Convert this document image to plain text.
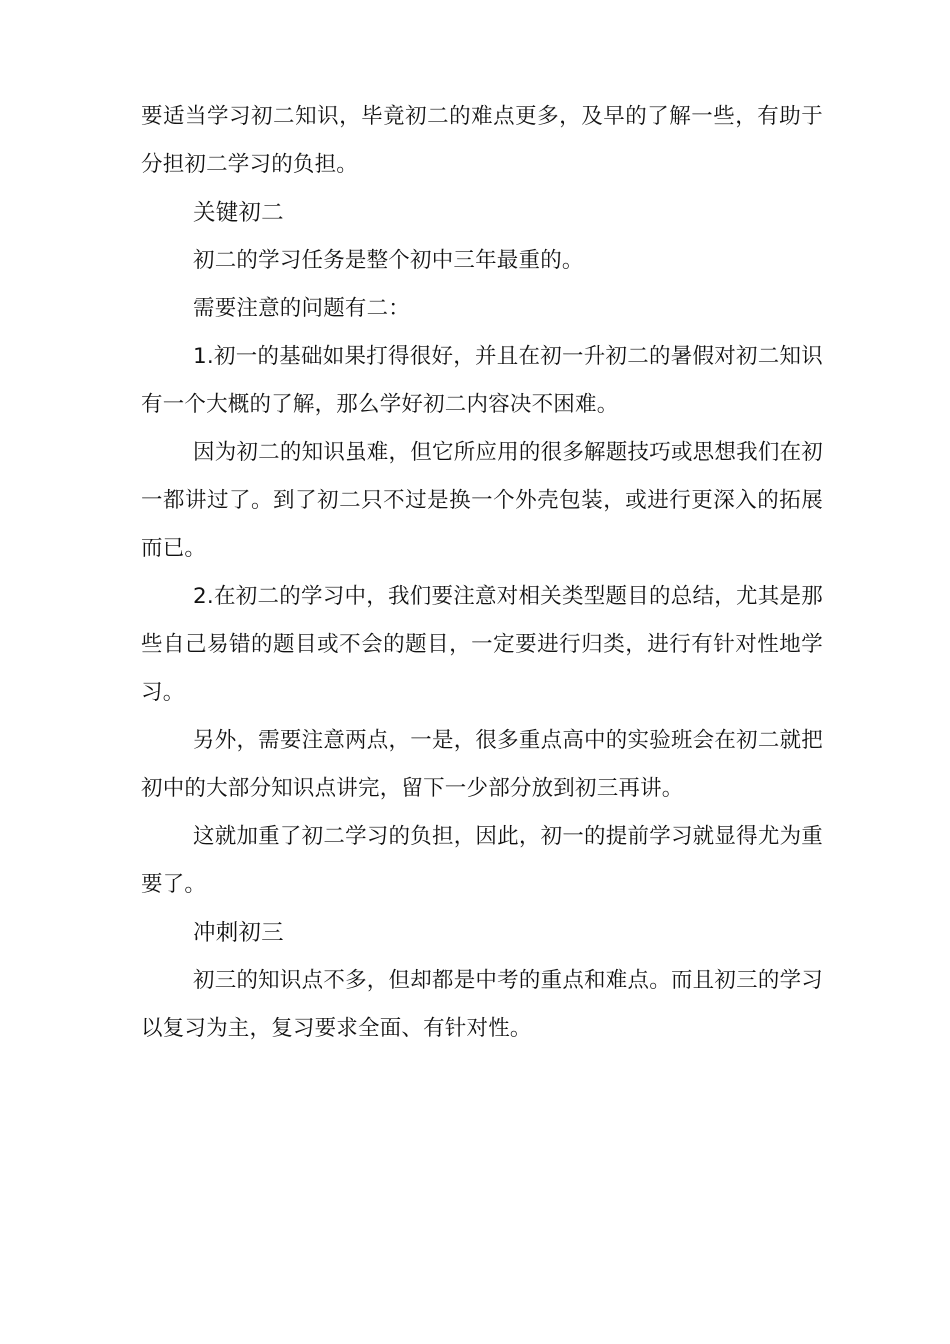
要适当学习初二知识，毕竟初二的难点更多，及早的了解一些，有助于分担初二学习的负担。

关键初二

初二的学习任务是整个初中三年最重的。

需要注意的问题有二：

1.初一的基础如果打得很好，并且在初一升初二的暑假对初二知识有一个大概的了解，那么学好初二内容决不困难。

因为初二的知识虽难，但它所应用的很多解题技巧或思想我们在初一都讲过了。到了初二只不过是换一个外壳包装，或进行更深入的拓展而已。

2.在初二的学习中，我们要注意对相关类型题目的总结，尤其是那些自己易错的题目或不会的题目，一定要进行归类，进行有针对性地学习。

另外，需要注意两点，一是，很多重点高中的实验班会在初二就把初中的大部分知识点讲完，留下一少部分放到初三再讲。

这就加重了初二学习的负担，因此，初一的提前学习就显得尤为重要了。

冲刺初三

初三的知识点不多，但却都是中考的重点和难点。而且初三的学习以复习为主，复习要求全面、有针对性。
